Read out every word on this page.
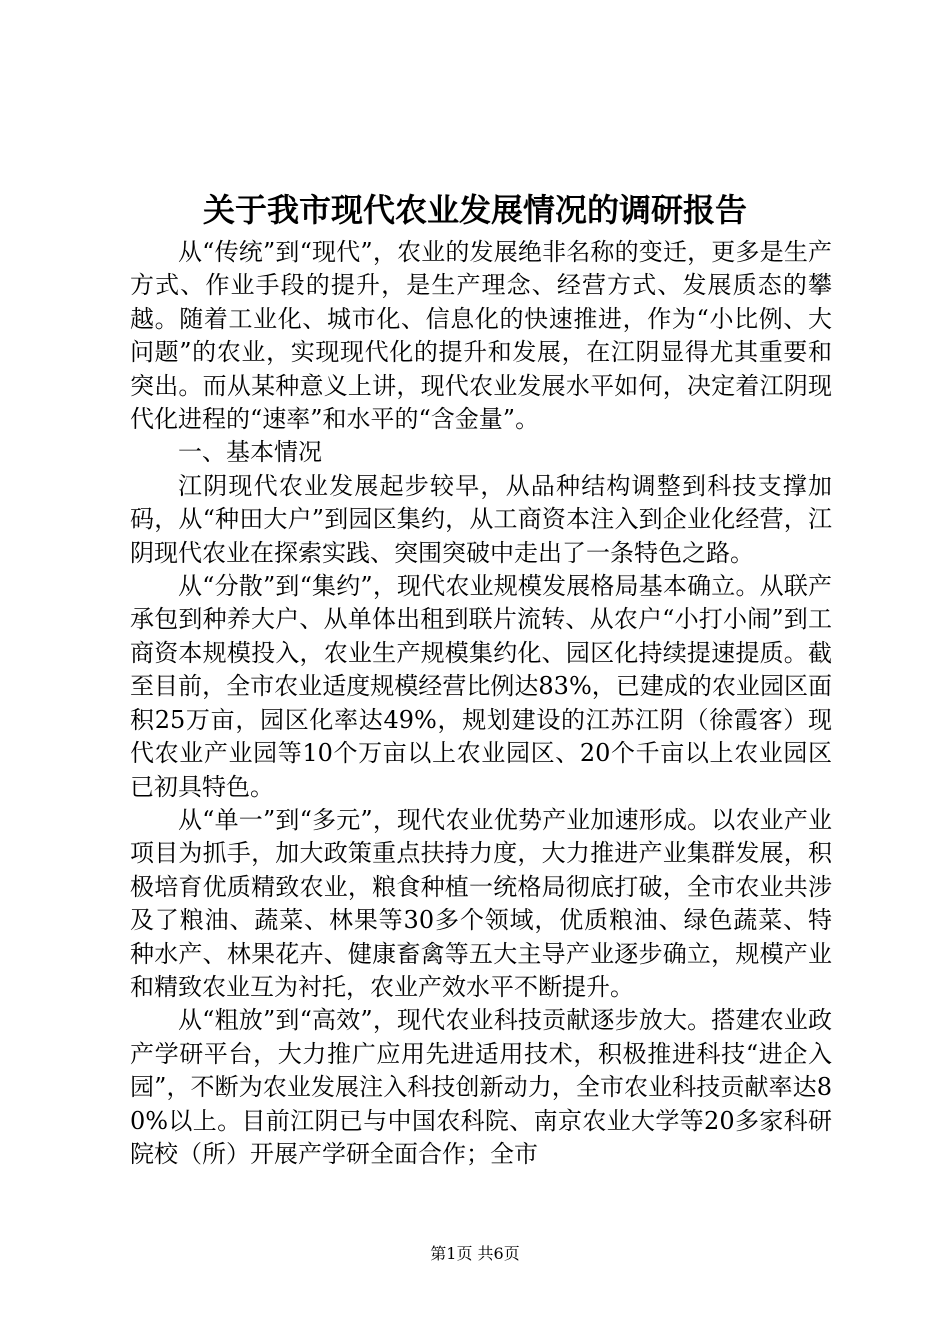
关于我市现代农业发展情况的调研报告

从“传统”到“现代”，农业的发展绝非名称的变迁，更多是生产方式、作业手段的提升，是生产理念、经营方式、发展质态的攀越。随着工业化、城市化、信息化的快速推进，作为“小比例、大问题”的农业，实现现代化的提升和发展，在江阴显得尤其重要和突出。而从某种意义上讲，现代农业发展水平如何，决定着江阴现代化进程的“速率”和水平的“含金量”。

一、基本情况

江阴现代农业发展起步较早，从品种结构调整到科技支撑加码，从“种田大户”到园区集约，从工商资本注入到企业化经营，江阴现代农业在探索实践、突围突破中走出了一条特色之路。

从“分散”到“集约”，现代农业规模发展格局基本确立。从联产承包到种养大户、从单体出租到联片流转、从农户“小打小闹”到工商资本规模投入，农业生产规模集约化、园区化持续提速提质。截至目前，全市农业适度规模经营比例达83%，已建成的农业园区面积25万亩，园区化率达49%，规划建设的江苏江阴（徐霞客）现代农业产业园等10个万亩以上农业园区、20个千亩以上农业园区已初具特色。

从“单一”到“多元”，现代农业优势产业加速形成。以农业产业项目为抓手，加大政策重点扶持力度，大力推进产业集群发展，积极培育优质精致农业，粮食种植一统格局彻底打破，全市农业共涉及了粮油、蔬菜、林果等30多个领域，优质粮油、绿色蔬菜、特种水产、林果花卉、健康畜禽等五大主导产业逐步确立，规模产业和精致农业互为衬托，农业产效水平不断提升。

从“粗放”到“高效”，现代农业科技贡献逐步放大。搭建农业政产学研平台，大力推广应用先进适用技术，积极推进科技“进企入园”，不断为农业发展注入科技创新动力，全市农业科技贡献率达80%以上。目前江阴已与中国农科院、南京农业大学等20多家科研院校（所）开展产学研全面合作；全市

第1页 共6页
